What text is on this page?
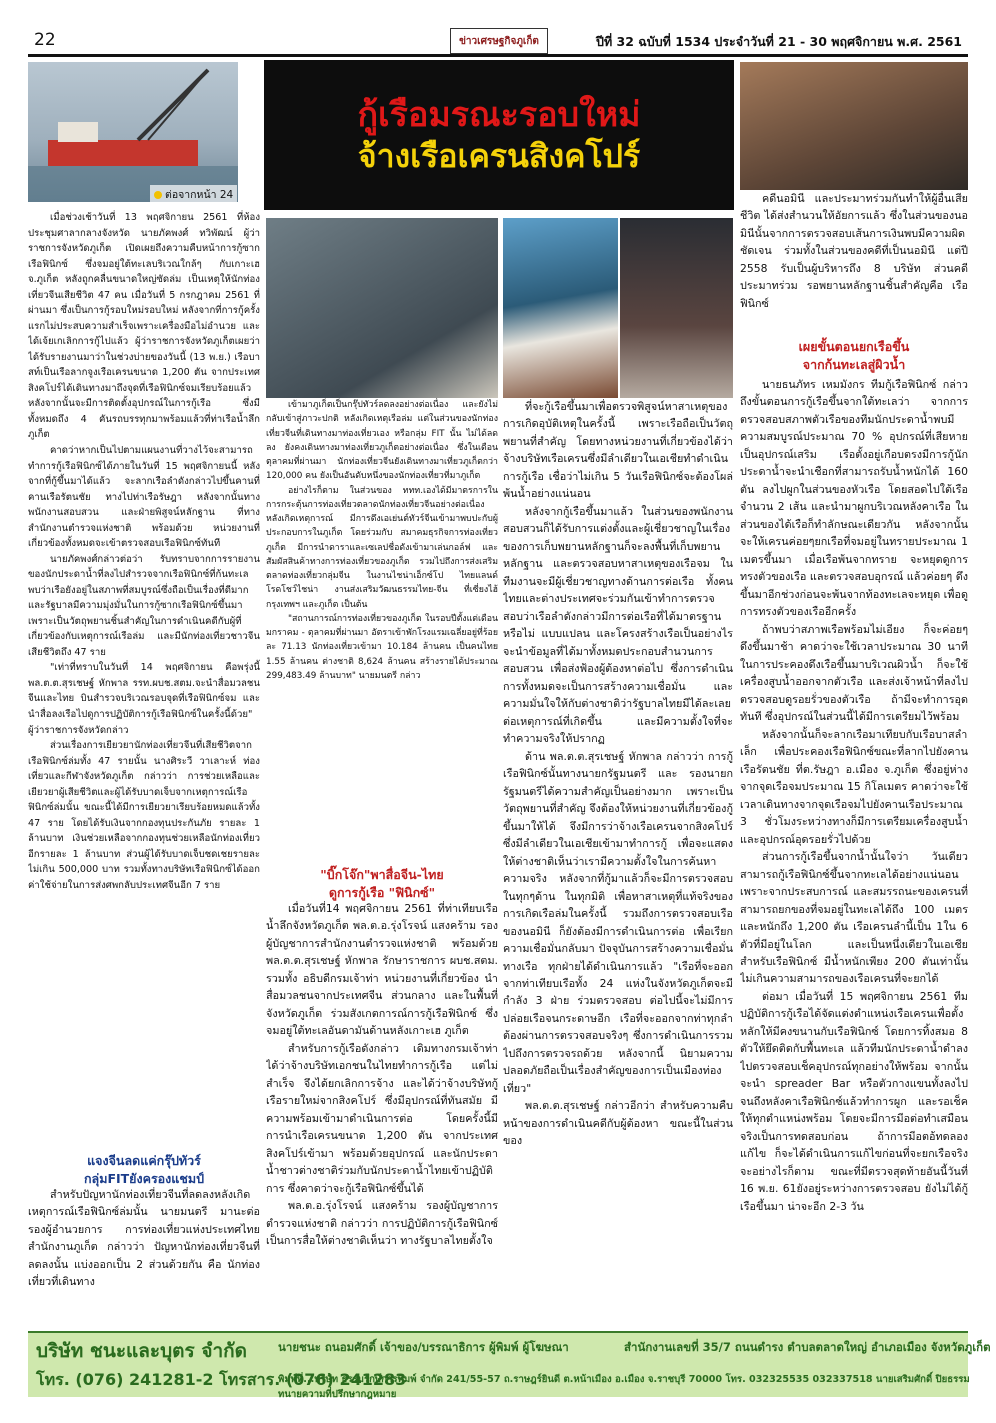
22	ข่าวเศรษฐกิจภูเก็ต	ปีที่ 32 ฉบับที่ 1534 ประจำวันที่ 21 - 30 พฤศจิกายน พ.ศ. 2561
ต่อจากหน้า 24
กู้เรือมรณะรอบใหม่
จ้างเรือเครนสิงคโปร์

เมื่อช่วงเช้าวันที่ 13 พฤศจิกายน 2561 ที่ห้องประชุมศาลากลางจังหวัด นายภัคพงศ์ ทวิพัฒน์ ผู้ว่าราชการจังหวัดภูเก็ต เปิดเผยถึงความคืบหน้าการกู้ซากเรือฟินิกซ์ ซึ่งจมอยู่ใต้ทะเลบริเวณใกล้ๆ กับเกาะเฮ จ.ภูเก็ต หลังถูกคลื่นขนาดใหญ่ซัดล่ม เป็นเหตุให้นักท่องเที่ยวจีนเสียชีวิต 47 คน เมื่อวันที่ 5 กรกฎาคม 2561 ที่ผ่านมา ซึ่งเป็นการกู้รอบใหม่รอบใหม่ หลังจากที่การกู้ครั้งแรกไม่ประสบความสำเร็จเพราะเครื่องมือไม่อำนวย และได้เจ้ยเกเลิกการกู้ไปแล้ว ผู้ว่าราชการจังหวัดภูเก็ตเผยว่า ได้รับรายงานมาว่าในช่วงบ่ายของวันนี้ (13 พ.ย.) เรือบาสท์เป็นเรือลากจูงเรือเครนขนาด 1,200 ตัน จากประเทศสิงคโปร์ได้เดินทางมาถึงจุดที่เรือฟินิกซ์จมเรียบร้อยแล้ว หลังจากนั้นจะมีการติดตั้งอุปกรณ์ในการกู้เรือ ซึ่งมีทั้งหมดถึง 4 คันรถบรรทุกมาพร้อมแล้วที่ท่าเรือน้ำลึกภูเก็ต

คาดว่าหากเป็นไปตามแผนงานที่วางไว้จะสามารถทำการกู้เรือฟินิกซ์ได้ภายในวันที่ 15 พฤศจิกายนนี้ หลังจากที่กู้ขึ้นมาได้แล้ว จะลากเรือลำดังกล่าวไปขึ้นคานที่คานเรือรัตนชัย ทางไปท่าเรือรัษฎา หลังจากนั้นทางพนักงานสอบสวน และฝ่ายพิสูจน์หลักฐาน ที่ทางสำนักงานตำรวจแห่งชาติ พร้อมด้วย หน่วยงานที่เกี่ยวข้องทั้งหมดจะเข้าตรวจสอบเรือฟินิกซ์ทันที

นายภัคพงศ์กล่าวต่อว่า รับทราบจากการรายงานของนักประดาน้ำที่ลงไปสำรวจจากเรือฟินิกซ์ที่ก้นทะเล พบว่าเรือยังอยู่ในสภาพที่สมบูรณ์ซึ่งถือเป็นเรื่องที่ดีมาก และรัฐบาลมีความมุ่งมั่นในการกู้ซากเรือฟินิกซ์ขึ้นมา เพราะเป็นวัตถุพยานชิ้นสำคัญในการดำเนินคดีกับผู้ที่เกี่ยวข้องกับเหตุการณ์เรือล่ม และมีนักท่องเที่ยวชาวจีนเสียชีวิตถึง 47 ราย

"เท่าที่ทราบในวันที่ 14 พฤศจิกายน คือพรุ่งนี้ พล.ต.ต.สุรเชษฐ์ หักพาล รรท.ผบช.สตม.จะนำสื่อมวลชนจีนและไทย บินสำรวจบริเวณรอบจุดที่เรือฟินิกซ์จม และนำสื่อลงเรือไปดูการปฏิบัติการกู้เรือฟินิกซ์ในครั้งนี้ด้วย" ผู้ว่าราชการจังหวัดกล่าว

ส่วนเรื่องการเยียวยานักท่องเที่ยวจีนที่เสียชีวิตจากเรือฟินิกซ์ล่มทั้ง 47 รายนั้น นางศิระวี วาเลาะห์ ท่องเที่ยวและกีฬาจังหวัดภูเก็ต กล่าวว่า การช่วยเหลือและเยียวยาผู้เสียชีวิตและผู้ได้รับบาดเจ็บจากเหตุการณ์เรือฟินิกซ์ล่มนั้น ขณะนี้ได้มีการเยียวยาเรียบร้อยหมดแล้วทั้ง 47 ราย โดยได้รับเงินจากกองทุนประกันภัย รายละ 1 ล้านบาท เงินช่วยเหลือจากกองทุนช่วยเหลือนักท่องเที่ยวอีกรายละ 1 ล้านบาท ส่วนผู้ได้รับบาดเจ็บชดเชยรายละไม่เกิน 500,000 บาท รวมทั้งทางบริษัทเรือฟินิกซ์ได้ออกค่าใช้จ่ายในการส่งศพกลับประเทศจีนอีก 7 ราย

แจงจีนลดแค่กรุ๊ปทัวร์
กลุ่มFITยังครองแชมป์

สำหรับปัญหานักท่องเที่ยวจีนที่ลดลงหลังเกิดเหตุการณ์เรือฟินิกซ์ล่มนั้น นายมนตรี มานะต่อ รองผู้อำนวยการ การท่องเที่ยวแห่งประเทศไทย สำนักงานภูเก็ต กล่าวว่า ปัญหานักท่องเที่ยวจีนที่ลดลงนั้น แบ่งออกเป็น 2 ส่วนด้วยกัน คือ นักท่องเที่ยวที่เดินทาง

เข้ามาภูเก็ตเป็นกรุ๊ปทัวร์ลดลงอย่างต่อเนื่อง และยังไม่กลับเข้าสู่ภาวะปกติ หลังเกิดเหตุเรือล่ม แต่ในส่วนของนักท่องเที่ยวจีนที่เดินทางมาท่องเที่ยวเอง หรือกลุ่ม FIT นั้น ไม่ได้ลดลง ยังคงเดินทางมาท่องเที่ยวภูเก็ตอย่างต่อเนื่อง ซึ่งในเดือนตุลาคมที่ผ่านมา นักท่องเที่ยวจีนยังเดินทางมาเที่ยวภูเก็ตกว่า 120,000 คน ยังเป็นอันดับหนึ่งของนักท่องเที่ยวที่มาภูเก็ต

อย่างไรก็ตาม ในส่วนของ ททท.เองได้มีมาตรการในการกระตุ้นการท่องเที่ยวตลาดนักท่องเที่ยวจีนอย่างต่อเนื่องหลังเกิดเหตุการณ์ มีการดึงเอเย่นต์ทัวร์จีนเข้ามาพบปะกับผู้ประกอบการในภูเก็ต โดยร่วมกับ สมาคมธุรกิจการท่องเที่ยวภูเก็ต มีการนำดาราและเซเลปชื่อดังเข้ามาเล่นกอล์ฟ และสัมผัสสินค้าทางการท่องเที่ยวของภูเก็ต รวมไปถึงการส่งเสริมตลาดท่องเที่ยวกลุ่มจีน ในงานไชน่าเอ็กซ์โป ไทยแลนด์โรดโชว์ไชน่า งานส่งเสริมวัฒนธรรมไทย-จีน ที่เซี่ยงไฮ้ กรุงเทพฯ และภูเก็ต เป็นต้น

"สถานการณ์การท่องเที่ยวของภูเก็ต ในรอบปีตั้งแต่เดือน มกราคม - ตุลาคมที่ผ่านมา อัตราเข้าพักโรงแรมเฉลี่ยอยู่ที่ร้อยละ 71.13 นักท่องเที่ยวเข้ามา 10.184 ล้านคน เป็นคนไทย 1.55 ล้านคน ต่างชาติ 8,624 ล้านคน สร้างรายได้ประมาณ 299,483.49 ล้านบาท" นายมนตรี กล่าว

"บิ๊กโจ๊ก"พาสื่อจีน-ไทย
ดูการกู้เรือ "ฟินิกซ์"

เมื่อวันที่14 พฤศจิกายน 2561 ที่ท่าเทียบเรือน้ำลึกจังหวัดภูเก็ต พล.ต.อ.รุ่งโรจน์ แสงคร้าม รองผู้บัญชาการสำนักงานตำรวจแห่งชาติ พร้อมด้วย พล.ต.ต.สุรเชษฐ์ หักพาล รักษาราชการ ผบช.สตม. รวมทั้ง อธิบดีกรมเจ้าท่า หน่วยงานที่เกี่ยวข้อง นำสื่อมวลชนจากประเทศจีน ส่วนกลาง และในพื้นที่จังหวัดภูเก็ต ร่วมสังเกตการณ์การกู้เรือฟินิกซ์ ซึ่งจมอยู่ใต้ทะเลอันดามันด้านหลังเกาะเฮ ภูเก็ต

สำหรับการกู้เรือดังกล่าว เดิมทางกรมเจ้าท่าได้ว่าจ้างบริษัทเอกชนในไทยทำการกู้เรือ แต่ไม่สำเร็จ จึงได้ยกเลิกการจ้าง และได้ว่าจ้างบริษัทกู้เรือรายใหม่จากสิงคโปร์ ซึ่งมีอุปกรณ์ที่ทันสมัย มีความพร้อมเข้ามาดำเนินการต่อ โดยครั้งนี้มีการนำเรือเครนขนาด 1,200 ตัน จากประเทศสิงคโปร์เข้ามา พร้อมด้วยอุปกรณ์ และนักประดาน้ำชาวต่างชาติร่วมกับนักประดาน้ำไทยเข้าปฏิบัติการ ซึ่งคาดว่าจะกู้เรือฟินิกซ์ขึ้นได้

พล.ต.อ.รุ่งโรจน์ แสงคร้าม รองผู้บัญชาการตำรวจแห่งชาติ กล่าวว่า การปฏิบัติการกู้เรือฟินิกซ์เป็นการสื่อให้ต่างชาติเห็นว่า ทางรัฐบาลไทยตั้งใจ

ที่จะกู้เรือขึ้นมาเพื่อตรวจพิสูจน์หาสาเหตุของการเกิดอุบัติเหตุในครั้งนี้ เพราะเรือถือเป็นวัตถุพยานที่สำคัญ โดยทางหน่วยงานที่เกี่ยวข้องได้ว่าจ้างบริษัทเรือเครนซึ่งมีลำเดียวในเอเชียทำดำเนินการกู้เรือ เชื่อว่าไม่เกิน 5 วันเรือฟินิกซ์จะต้องโผล่พ้นน้ำอย่างแน่นอน

หลังจากกู้เรือขึ้นมาแล้ว ในส่วนของพนักงานสอบสวนก็ได้รับการแต่งตั้งและผู้เชี่ยวชาญในเรื่องของการเก็บพยานหลักฐานก็จะลงพื้นที่เก็บพยานหลักฐาน และตรวจสอบหาสาเหตุของเรือจม ในทีมงานจะมีผู้เชี่ยวชาญทางด้านการต่อเรือ ทั้งคนไทยและต่างประเทศจะร่วมกันเข้าทำการตรวจสอบว่าเรือลำดังกล่าวมีการต่อเรือที่ได้มาตรฐานหรือไม่ แบบแปลน และโครงสร้างเรือเป็นอย่างไร จะนำข้อมูลที่ได้มาทั้งหมดประกอบสำนวนการสอบสวน เพื่อส่งฟ้องผู้ต้องหาต่อไป ซึ่งการดำเนินการทั้งหมดจะเป็นการสร้างความเชื่อมั่น และความมั่นใจให้กับต่างชาติว่ารัฐบาลไทยมีได้ละเลยต่อเหตุการณ์ที่เกิดขึ้น และมีความตั้งใจที่จะทำความจริงให้ปรากฏ

ด้าน พล.ต.ต.สุรเชษฐ์ หักพาล กล่าวว่า การกู้เรือฟินิกซ์นั้นทางนายกรัฐมนตรี และ รองนายกรัฐมนตรีได้ความสำคัญเป็นอย่างมาก เพราะเป็นวัตถุพยานที่สำคัญ จึงต้องให้หน่วยงานที่เกี่ยวข้องกู้ขึ้นมาให้ได้ จึงมีการว่าจ้างเรือเครนจากสิงคโปร์ซึ่งมีลำเดียวในเอเชียเข้ามาทำการกู้ เพื่อจะแสดงให้ต่างชาติเห็นว่าเรามีความตั้งใจในการค้นหาความจริง หลังจากที่กู้มาแล้วก็จะมีการตรวจสอบในทุกๆด้าน ในทุกมิติ เพื่อหาสาเหตุที่แท้จริงของการเกิดเรือล่มในครั้งนี้ รวมถึงการตรวจสอบเรือของนอมินี ก็ยังต้องมีการดำเนินการต่อ เพื่อเรียกความเชื่อมั่นกลับมา ปัจจุบันการสร้างความเชื่อมั่นทางเรือ ทุกฝ่ายได้ดำเนินการแล้ว "เรือที่จะออกจากท่าเทียบเรือทั้ง 24 แห่งในจังหวัดภูเก็ตจะมีกำลัง 3 ฝ่าย ร่วมตรวจสอบ ต่อไปนี้จะไม่มีการปล่อยเรือจนกระดาษอีก เรือที่จะออกจากท่าทุกลำต้องผ่านการตรวจสอบจริงๆ ซึ่งการดำเนินการรวมไปถึงการตรวจรถด้วย หลังจากนี้ นิยามความปลอดภัยถือเป็นเรื่องสำคัญของการเป็นเมืองท่องเที่ยว"

พล.ต.ต.สุรเชษฐ์ กล่าวอีกว่า สำหรับความคืบหน้าของการดำเนินคดีกับผู้ต้องหา ขณะนี้ในส่วนของ

คดีนอมินี และประมาทร่วมกันทำให้ผู้อื่นเสียชีวิต ได้ส่งสำนวนให้อัยการแล้ว ซึ่งในส่วนของนอมินีนั้นจากการตรวจสอบเส้นการเงินพบมีความผิดชัดเจน ร่วมทั้งในส่วนของคดีที่เป็นนอมินี แต่ปี 2558 รับเป็นผู้บริหารถึง 8 บริษัท ส่วนคดีประมาทร่วม รอพยานหลักฐานชิ้นสำคัญคือ เรือฟินิกซ์

เผยขั้นตอนยกเรือขึ้น
จากก้นทะเลสู่ผิวน้ำ

นายธนภัทร เหมมังกร ทีมกู้เรือฟินิกซ์ กล่าวถึงขั้นตอนการกู้เรือขึ้นจากใต้ทะเลว่า จากการตรวจสอบสภาพตัวเรือของทีมนักประดาน้ำพบมีความสมบูรณ์ประมาณ 70 % อุปกรณ์ที่เสียหายเป็นอุปกรณ์เสริม เรือตั้งอยู่เกือบตรงมีการกู้นักประดาน้ำจะนำเชือกที่สามารถรับน้ำหนักได้ 160 ตัน ลงไปผูกในส่วนของหัวเรือ โดยสอดไปใต้เรือจำนวน 2 เส้น และนำมาผูกบริเวณหลังคาเรือ ในส่วนของได้เรือก็ทำลักษณะเดียวกัน หลังจากนั้นจะให้เครนค่อยๆยกเรือที่จมอยู่ในทรายประมาณ 1 เมตรขึ้นมา เมื่อเรือพ้นจากทราย จะหยุดดูการทรงตัวของเรือ และตรวจสอบอุกรณ์ แล้วค่อยๆ ดึงขึ้นมาอีกช่วงก่อนจะพ้นจากท้องทะเลจะหยุด เพื่อดูการทรงตัวของเรืออีกครั้ง

ถ้าพบว่าสภาพเรือพร้อมไม่เอียง ก็จะค่อยๆ ดึงขึ้นมาช้า คาดว่าจะใช้เวลาประมาณ 30 นาทีในการประคองดึงเรือขึ้นมาบริเวณผิวน้ำ ก็จะใช้เครื่องสูบน้ำออกจากตัวเรือ และส่งเจ้าหน้าที่ลงไปตรวจสอบดูรอยรั่วของตัวเรือ ถ้ามีจะทำการอุดทันที ซึ่งอุปกรณ์ในส่วนนี้ได้มีการเตรียมไว้พร้อม

หลังจากนั้นก็จะลากเรือมาเทียบกับเรือบาสลำเล็ก เพื่อประคองเรือฟินิกซ์ขณะที่ลากไปยังคานเรือรัตนชัย ที่ต.รัษฎา อ.เมือง จ.ภูเก็ต ซึ่งอยู่ห่างจากจุดเรือจมประมาณ 15 กิโลเมตร คาดว่าจะใช้เวลาเดินทางจากจุดเรือจมไปยังคานเรือประมาณ 3 ชั่วโมงระหว่างทางก็มีการเตรียมเครื่องสูบน้ำ และอุปกรณ์อุดรอยรั่วไปด้วย

ส่วนการกู้เรือขึ้นจากน้ำนั้นใจว่า วันเดียวสามารถกู้เรือฟินิกซ์ขึ้นจากทะเลได้อย่างแน่นอน เพราะจากประสบการณ์ และสมรรถนะของเครนที่สามารถยกของที่จมอยู่ในทะเลได้ถึง 100 เมตร และหนักถึง 1,200 ตัน เรือเครนลำนี้เป็น 1ใน 6 ตัวที่มีอยู่ในโลก และเป็นหนึ่งเดียวในเอเชีย สำหรับเรือฟินิกซ์ มีน้ำหนักเพียง 200 ตันเท่านั้น ไม่เกินความสามารถของเรือเครนที่จะยกได้

ต่อมา เมื่อวันที่ 15 พฤศจิกายน 2561 ทีมปฏิบัติการกู้เรือได้จัดแต่งตำแหน่งเรือเครนเพื่อตั้งหลักให้มีคงขนานกับเรือฟินิกซ์ โดยการทิ้งสมอ 8 ตัวให้ยึดติดกับพื้นทะเล แล้วทีมนักประดาน้ำดำลงไปตรวจสอบเช็คอุปกรณ์ทุกอย่างให้พร้อม จากนั้นจะนำ spreader Bar หรือตัวกางแขนทั้งลงไปจนถึงหลังคาเรือฟินิกซ์แล้วทำการผูก และรอเช็คให้ทุกตำแหน่งพร้อม โดยจะมีการมีอต่อทำเสมือนจริงเป็นการทดสอบก่อน ถ้าการมีอตอ้ทดลองแก้ไข ก็จะได้ดำเนินการแก้ไขก่อนที่จะยกเรือจริง จะอย่างไรก็ตาม ขณะที่มีตรวจสุดท้ายอันนี้วันที่ 16 พ.ย. 61ยังอยู่ระหว่างการตรวจสอบ ยังไม่ได้กู้เรือขึ้นมา น่าจะอีก 2-3 วัน

บริษัท ชนะและบุตร จำกัด	นายชนะ ถนอมศักดิ์ เจ้าของ/บรรณาธิการ ผู้พิมพ์ ผู้โฆษณา	สำนักงานเลขที่ 35/7 ถนนดำรง ตำบลตลาดใหญ่ อำเภอเมือง จังหวัดภูเก็ต
โทร. (076) 241281-2 โทรสาร. (076) 241283
พิมพ์ที่...บริษัท ธรรมรักษ์การพิมพ์ จำกัด 241/55-57 ถ.ราษฎร์ยินดี ต.หน้าเมือง อ.เมือง จ.ราชบุรี 70000 โทร. 032325535 032337518 นายเสริมศักดิ์ ปิยธรรม ทนายความที่ปรึกษากฎหมาย
